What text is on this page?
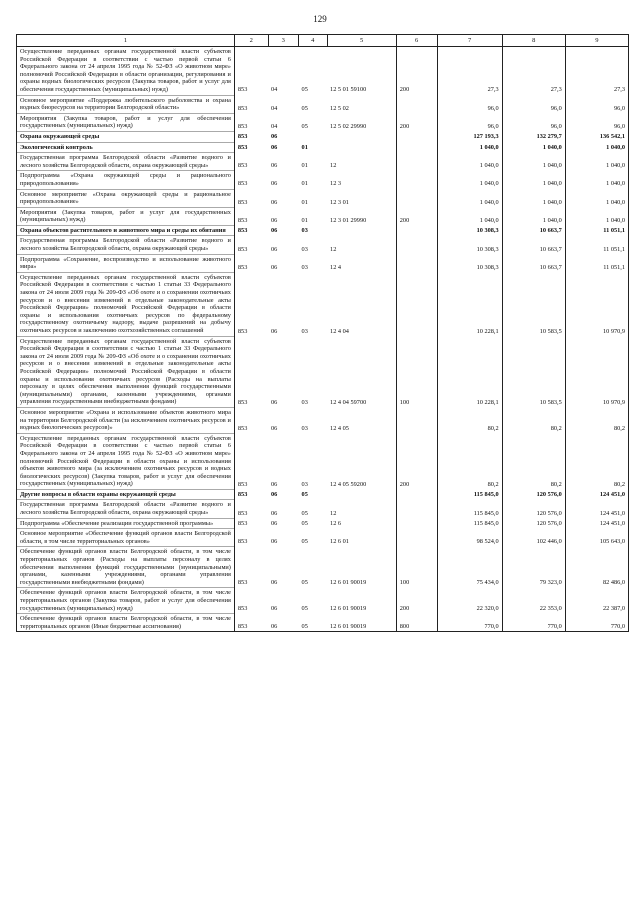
129
1	2	3	4	5	6	7	8	9
Осуществление переданных органам государственной власти субъектов Российской Федерации в соответствии с частью первой статьи 6 Федерального закона от 24 апреля 1995 года № 52-ФЗ «О животном мире» полномочий Российской Федерации в области организации, регулирования и охраны водных биологических ресурсов (Закупка товаров, работ и услуг для обеспечения государственных (муниципальных) нужд)	853	04	05	12 5 01 59100	200	27,3	27,3	27,3
Основное мероприятие «Поддержка любительского рыболовства и охрана водных биоресурсов на территории Белгородской области»	853	04	05	12 5 02		96,0	96,0	96,0
Мероприятия (Закупка товаров, работ и услуг для обеспечения государственных (муниципальных) нужд)	853	04	05	12 5 02 29990	200	96,0	96,0	96,0
Охрана окружающей среды	853	06				127 193,3	132 279,7	136 542,1
Экологический контроль	853	06	01			1 040,0	1 040,0	1 040,0
Государственная программа Белгородской области «Развитие водного и лесного хозяйства Белгородской области, охрана окружающей среды»	853	06	01	12		1 040,0	1 040,0	1 040,0
Подпрограмма «Охрана окружающей среды и рационального природопользования»	853	06	01	12 3		1 040,0	1 040,0	1 040,0
Основное мероприятие «Охрана окружающей среды и рациональное природопользование»	853	06	01	12 3 01		1 040,0	1 040,0	1 040,0
Мероприятия (Закупка товаров, работ и услуг для государственных (муниципальных) нужд)	853	06	01	12 3 01 29990	200	1 040,0	1 040,0	1 040,0
Охрана объектов растительного и животного мира и среды их обитания	853	06	03			10 308,3	10 663,7	11 051,1
Государственная программа Белгородской области «Развитие водного и лесного хозяйства Белгородской области, охрана окружающей среды»	853	06	03	12		10 308,3	10 663,7	11 051,1
Подпрограмма «Сохранение, воспроизводство и использование животного мира»	853	06	03	12 4		10 308,3	10 663,7	11 051,1
Осуществление переданных органам государственной власти субъектов Российской Федерации в соответствии с частью 1 статьи 33 Федерального закона от 24 июля 2009 года № 209-ФЗ «Об охоте и о сохранении охотничьих ресурсов и о внесении изменений в отдельные законодательные акты Российской Федерации» полномочий Российской Федерации в области охраны и использования охотничьих ресурсов по федеральному государственному охотничьему надзору, выдаче разрешений на добычу охотничьих ресурсов и заключению охотхозяйственных соглашений	853	06	03	12 4 04		10 228,1	10 583,5	10 970,9
Осуществление переданных органам государственной власти субъектов Российской Федерации в соответствии с частью 1 статьи 33 Федерального закона от 24 июля 2009 года № 209-ФЗ «Об охоте и о сохранении охотничьих ресурсов и о внесении изменений в отдельные законодательные акты Российской Федерации» полномочий Российской Федерации в области охраны и использования охотничьих ресурсов (Расходы на выплаты персоналу в целях обеспечения выполнения функций государственными (муниципальными) органами, казенными учреждениями, органами управления государственными внебюджетными фондами)	853	06	03	12 4 04 59700	100	10 228,1	10 583,5	10 970,9
Основное мероприятие «Охрана и использование объектов животного мира на территории Белгородской области (за исключением охотничьих ресурсов и водных биологических ресурсов)»	853	06	03	12 4 05		80,2	80,2	80,2
Осуществление переданных органам государственной власти субъектов Российской Федерации в соответствии с частью первой статьи 6 Федерального закона от 24 апреля 1995 года № 52-ФЗ «О животном мире» полномочий Российской Федерации в области охраны и использования объектов животного мира (за исключением охотничьих ресурсов и водных биологических ресурсов) (Закупка товаров, работ и услуг для обеспечения государственных (муниципальных) нужд)	853	06	03	12 4 05 59200	200	80,2	80,2	80,2
Другие вопросы в области охраны окружающей среды	853	06	05			115 845,0	120 576,0	124 451,0
Государственная программа Белгородской области «Развитие водного и лесного хозяйства Белгородской области, охрана окружающей среды»	853	06	05	12		115 845,0	120 576,0	124 451,0
Подпрограмма «Обеспечение реализации государственной программы»	853	06	05	12 6		115 845,0	120 576,0	124 451,0
Основное мероприятие «Обеспечение функций органов власти Белгородской области, в том числе территориальных органов»	853	06	05	12 6 01		98 524,0	102 446,0	105 643,0
Обеспечение функций органов власти Белгородской области, в том числе территориальных органов (Расходы на выплаты персоналу в целях обеспечения выполнения функций государственными (муниципальными) органами, казенными учреждениями, органами управления государственными внебюджетными фондами)	853	06	05	12 6 01 90019	100	75 434,0	79 323,0	82 486,0
Обеспечение функций органов власти Белгородской области, в том числе территориальных органов (Закупка товаров, работ и услуг для обеспечения государственных (муниципальных) нужд)	853	06	05	12 6 01 90019	200	22 320,0	22 353,0	22 387,0
Обеспечение функций органов власти Белгородской области, в том числе территориальных органов (Иные бюджетные ассигнования)	853	06	05	12 6 01 90019	800	770,0	770,0	770,0
